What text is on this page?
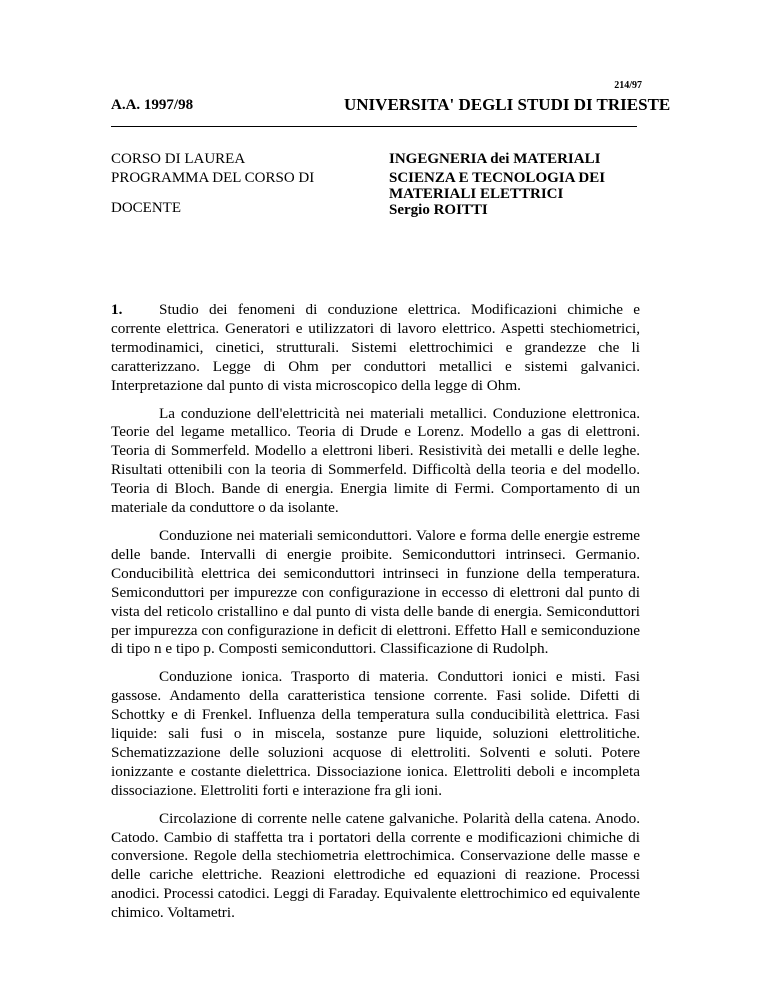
214/97
A.A. 1997/98	UNIVERSITA' DEGLI STUDI DI TRIESTE
CORSO DI LAUREA
PROGRAMMA DEL CORSO DI
DOCENTE
INGEGNERIA dei MATERIALI
SCIENZA E TECNOLOGIA DEI
MATERIALI ELETTRICI
Sergio ROITTI

1. Studio dei fenomeni di conduzione elettrica. Modificazioni chimiche e corrente elettrica. Generatori e utilizzatori di lavoro elettrico. Aspetti stechiometrici, termodinamici, cinetici, strutturali. Sistemi elettrochimici e grandezze che li caratterizzano. Legge di Ohm per conduttori metallici e sistemi galvanici. Interpretazione dal punto di vista microscopico della legge di Ohm.

La conduzione dell'elettricità nei materiali metallici. Conduzione elettronica. Teorie del legame metallico. Teoria di Drude e Lorenz. Modello a gas di elettroni. Teoria di Sommerfeld. Modello a elettroni liberi. Resistività dei metalli e delle leghe. Risultati ottenibili con la teoria di Sommerfeld. Difficoltà della teoria e del modello. Teoria di Bloch. Bande di energia. Energia limite di Fermi. Comportamento di un materiale da conduttore o da isolante.

Conduzione nei materiali semiconduttori. Valore e forma delle energie estreme delle bande. Intervalli di energie proibite. Semiconduttori intrinseci. Germanio. Conducibilità elettrica dei semiconduttori intrinseci in funzione della temperatura. Semiconduttori per impurezze con configurazione in eccesso di elettroni dal punto di vista del reticolo cristallino e dal punto di vista delle bande di energia. Semiconduttori per impurezza con configurazione in deficit di elettroni. Effetto Hall e semiconduzione di tipo n e tipo p. Composti semiconduttori. Classificazione di Rudolph.

Conduzione ionica. Trasporto di materia. Conduttori ionici e misti. Fasi gassose. Andamento della caratteristica tensione corrente. Fasi solide. Difetti di Schottky e di Frenkel. Influenza della temperatura sulla conducibilità elettrica. Fasi liquide: sali fusi o in miscela, sostanze pure liquide, soluzioni elettrolitiche. Schematizzazione delle soluzioni acquose di elettroliti. Solventi e soluti. Potere ionizzante e costante dielettrica. Dissociazione ionica. Elettroliti deboli e incompleta dissociazione. Elettroliti forti e interazione fra gli ioni.

Circolazione di corrente nelle catene galvaniche. Polarità della catena. Anodo. Catodo. Cambio di staffetta tra i portatori della corrente e modificazioni chimiche di conversione. Regole della stechiometria elettrochimica. Conservazione delle masse e delle cariche elettriche. Reazioni elettrodiche ed equazioni di reazione. Processi anodici. Processi catodici. Leggi di Faraday. Equivalente elettrochimico ed equivalente chimico. Voltametri.
